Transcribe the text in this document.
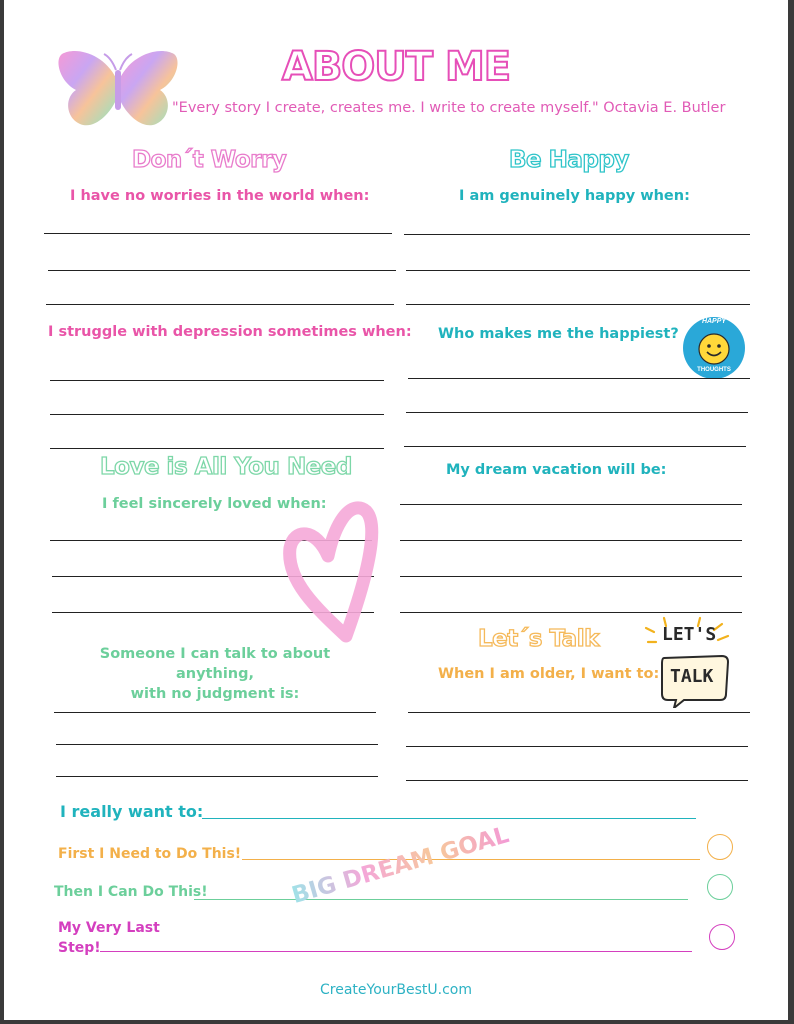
ABOUT ME
"Every story I create, creates me. I write to create myself." Octavia E. Butler
Don´t Worry
I have no worries in the world when:
Be Happy
I am genuinely happy when:
I struggle with depression sometimes when: Who makes me the happiest?
HAPPY
THOUGHTS
Love is All You Need
I feel sincerely loved when:
My dream vacation will be:
Someone I can talk to about anything,
with no judgment is:
Let´s Talk
When I am older, I want to:
LET'S
TALK
I really want to:
First I Need to Do This!
Then I Can Do This!
My Very Last
Step!
BIG DREAM GOAL
CreateYourBestU.com
